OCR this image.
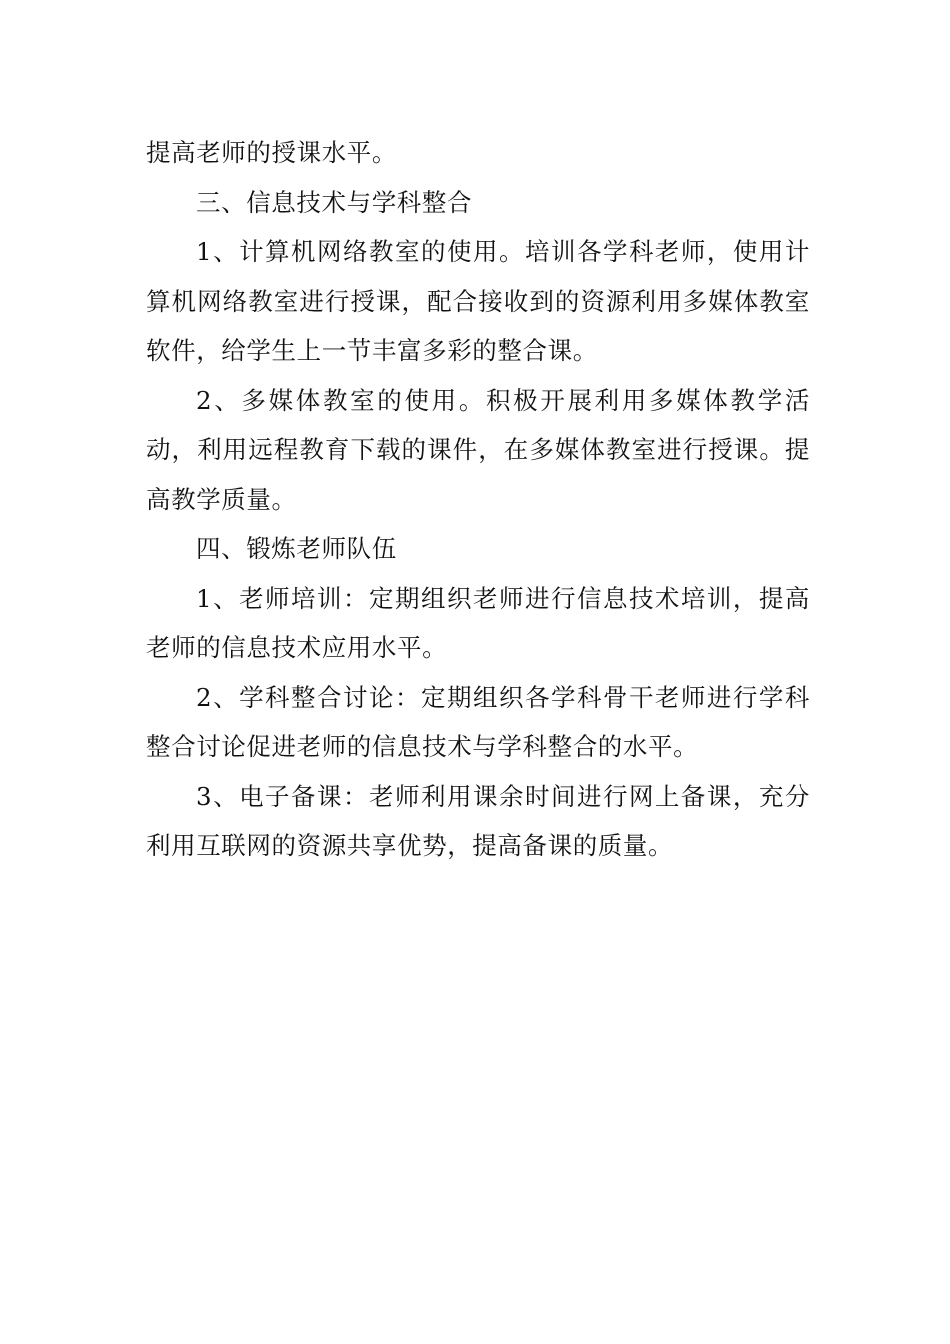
提高老师的授课水平。

三、信息技术与学科整合

1、计算机网络教室的使用。培训各学科老师，使用计算机网络教室进行授课，配合接收到的资源利用多媒体教室软件，给学生上一节丰富多彩的整合课。

2、多媒体教室的使用。积极开展利用多媒体教学活动，利用远程教育下载的课件，在多媒体教室进行授课。提高教学质量。

四、锻炼老师队伍

1、老师培训：定期组织老师进行信息技术培训，提高老师的信息技术应用水平。

2、学科整合讨论：定期组织各学科骨干老师进行学科整合讨论促进老师的信息技术与学科整合的水平。

3、电子备课：老师利用课余时间进行网上备课，充分利用互联网的资源共享优势，提高备课的质量。
